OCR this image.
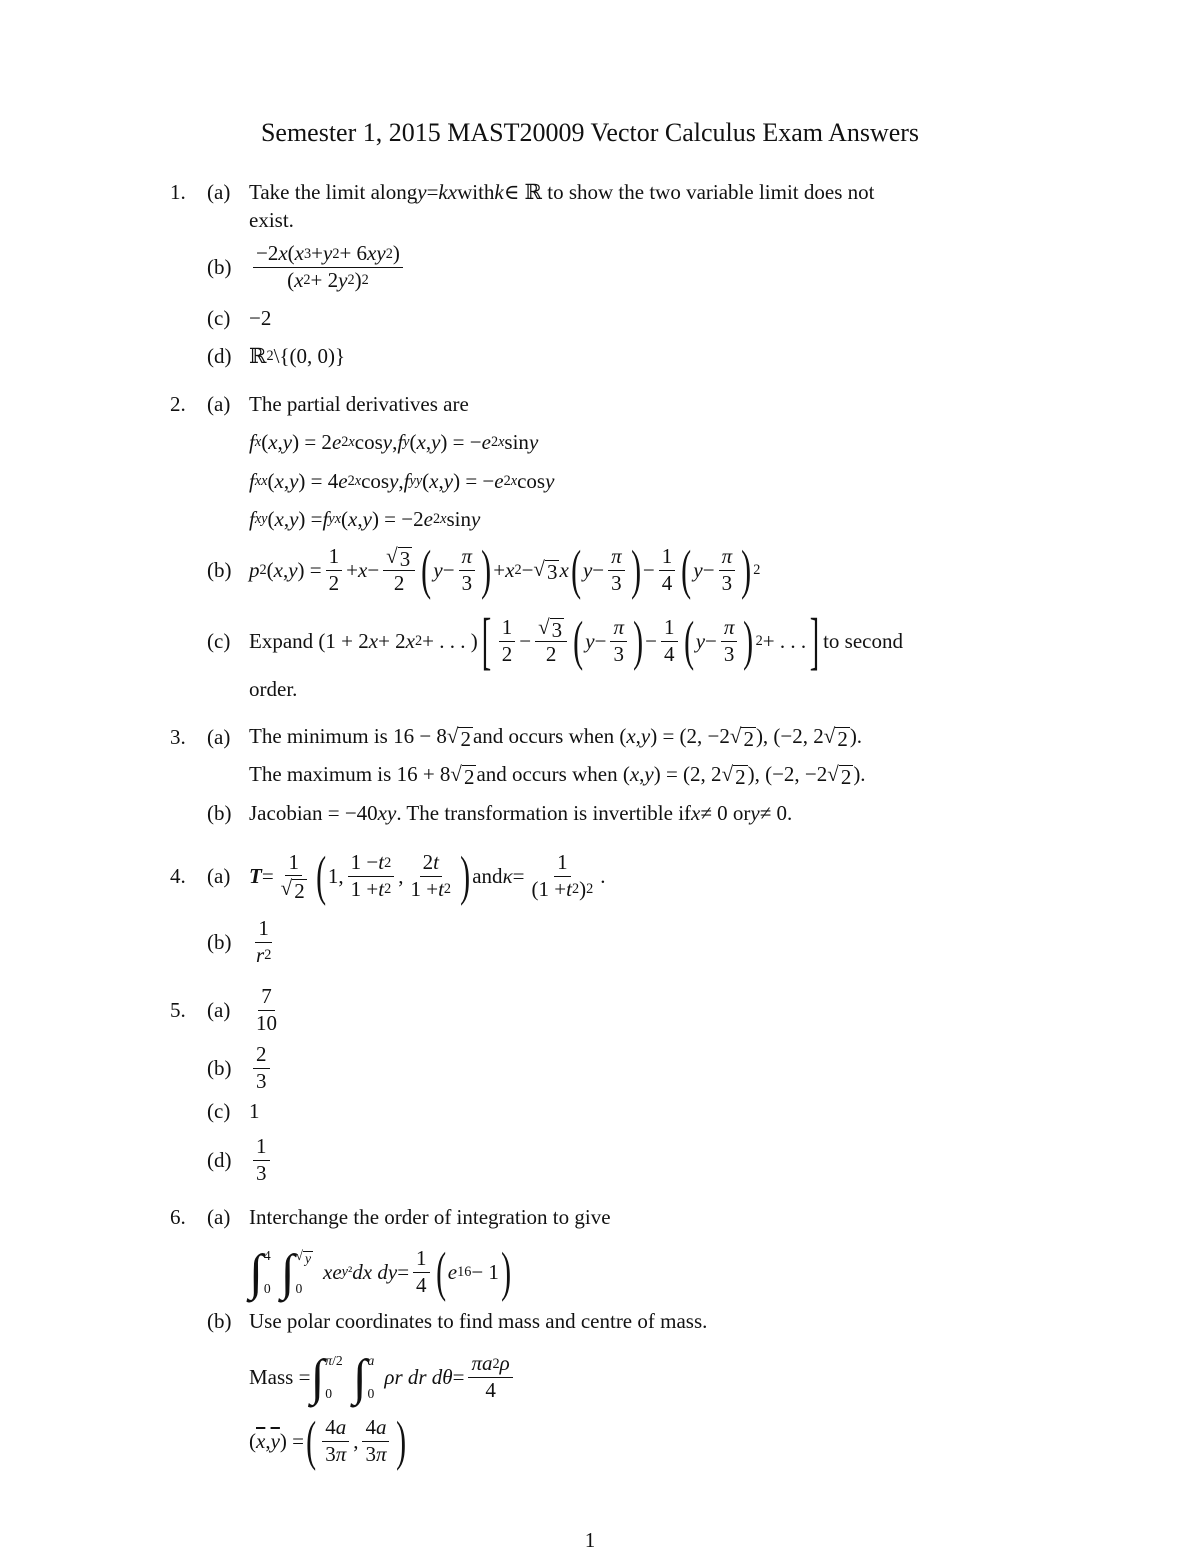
Semester 1, 2015 MAST20009 Vector Calculus Exam Answers
1. (a) Take the limit along y = kx with k ∈ ℝ to show the two variable limit does not
exist.
$(b) \frac{-2 x ( x 3 + y 2 + 6 xy 2 )}{( x 2 + 2 y 2 ) 2}$
(c) −2
(d) ℝ 2 \{(0, 0)}
2. (a) The partial derivatives are
f x ( x , y ) = 2 e 2 x cos y , f y ( x , y ) = − e 2 x sin y
f xx ( x , y ) = 4 e 2 x cos y , f yy ( x , y ) = − e 2 x cos y
f xy ( x , y ) = f yx ( x , y ) = −2 e 2 x sin y
(b) p 2 ( x , y ) = $\frac{1}{2} + x - \frac{√ 3}{2}$ ( $y - \frac{\pi}{3}$ ) + x 2 − √ 3 x ( $y - \frac{\pi}{3}$ ) − $\frac{1}{4}$ ( $y - \frac{\pi}{3}$ ) 2
(c) Expand (1 + 2 x + 2 x 2 + . . . ) [ $\frac{1}{2} - \frac{√ 3}{2}$ ( $y - \frac{\pi}{3}$ ) − $\frac{1}{4}$ ( $y - \frac{\pi}{3}$ ) 2 + . . . ] to second
order.
3. (a) The minimum is 16 − 8 √ 2 and occurs when ( x , y ) = (2, −2 √ 2 ), (−2, 2 √ 2 ).
The maximum is 16 + 8 √ 2 and occurs when ( x , y ) = (2, 2 √ 2 ), (−2, −2 √ 2 ).
(b) Jacobian = −40 xy . The transformation is invertible if x ≠ 0 or y ≠ 0.
4. (a) $T = \frac{1}{√ 2}$ ( 1, $\frac{1 - t 2}{1 + t 2}$ , $\frac{2 t}{1 + t 2}$ ) and $\kappa = \frac{1}{(1 + t 2 ) 2}$ .
$(b) \frac{1}{r 2}$
5. $(a) \frac{7}{10}$
$(b) \frac{2}{3}$
(c) 1
$(d) \frac{1}{3}$
6. (a) Interchange the order of integration to give
∫ 4
0 ∫ √ y
0
xe y ² dx dy = $\frac{1}{4}$ ( e 16 − 1 )
(b) Use polar coordinates to find mass and centre of mass.
Mass = ∫ π /2
0 ∫ a
0
ρr dr $d\theta = \frac{\pi a 2 \rho}{4}$
( $\overline{x}$ , $\overline{y}$ ) = ( $\frac{4 a}{3 \pi}$ , $\frac{4 a}{3 \pi}$ )
1
